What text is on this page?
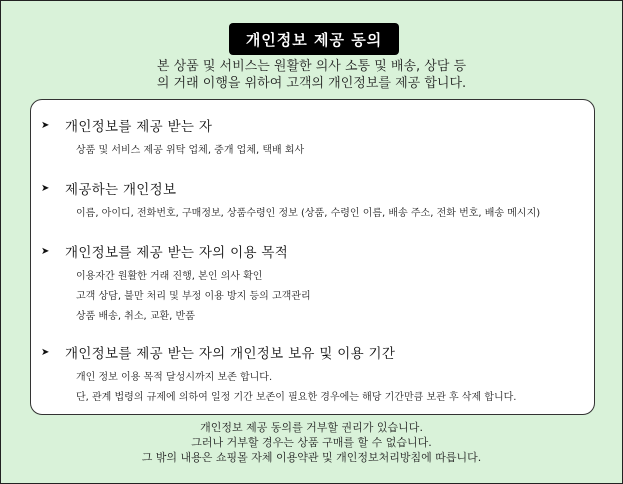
개인정보 제공 동의
본 상품 및 서비스는 원활한 의사 소통 및 배송, 상담 등
의 거래 이행을 위하여 고객의 개인정보를 제공 합니다.
➤ 개인정보를 제공 받는 자
상품 및 서비스 제공 위탁 업체, 중개 업체, 택배 회사
➤ 제공하는 개인정보
이름, 아이디, 전화번호, 구매정보, 상품수령인 정보 (상품, 수령인 이름, 배송 주소, 전화 번호, 배송 메시지)
➤ 개인정보를 제공 받는 자의 이용 목적
이용자간 원활한 거래 진행, 본인 의사 확인
고객 상담, 불만 처리 및 부정 이용 방지 등의 고객관리
상품 배송, 취소, 교환, 반품
➤ 개인정보를 제공 받는 자의 개인정보 보유 및 이용 기간
개인 정보 이용 목적 달성시까지 보존 합니다.
단, 관계 법령의 규제에 의하여 일정 기간 보존이 필요한 경우에는 해당 기간만큼 보관 후 삭제 합니다.
개인정보 제공 동의를 거부할 권리가 있습니다.
그러나 거부할 경우는 상품 구매를 할 수 없습니다.
그 밖의 내용은 쇼핑몰 자체 이용약관 및 개인정보처리방침에 따릅니다.
